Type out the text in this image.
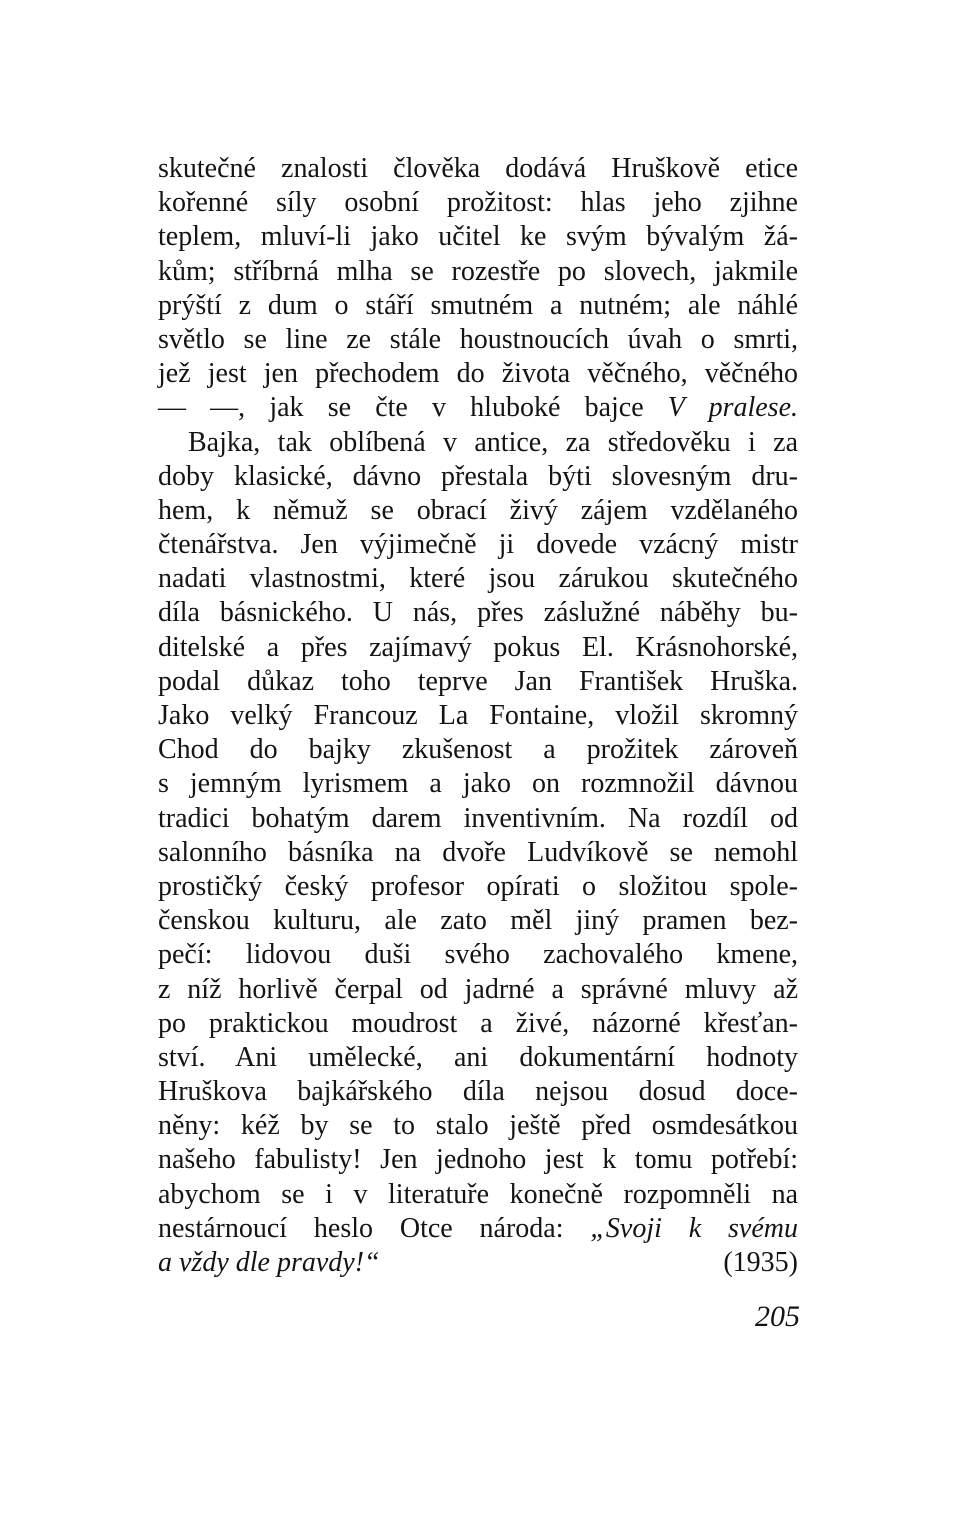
skutečné znalosti člověka dodává Hruškově etice
kořenné síly osobní prožitost: hlas jeho zjihne
teplem, mluví-li jako učitel ke svým bývalým žá-
kům; stříbrná mlha se rozestře po slovech, jakmile
prýští z dum o stáří smutném a nutném; ale náhlé
světlo se line ze stále houstnoucích úvah o smrti,
jež jest jen přechodem do života věčného, věčného
— —, jak se čte v hluboké bajce V pralese.
Bajka, tak oblíbená v antice, za středověku i za
doby klasické, dávno přestala býti slovesným dru-
hem, k němuž se obrací živý zájem vzdělaného
čtenářstva. Jen výjimečně ji dovede vzácný mistr
nadati vlastnostmi, které jsou zárukou skutečného
díla básnického. U nás, přes záslužné náběhy bu-
ditelské a přes zajímavý pokus El. Krásnohorské,
podal důkaz toho teprve Jan František Hruška.
Jako velký Francouz La Fontaine, vložil skromný
Chod do bajky zkušenost a prožitek zároveň
s jemným lyrismem a jako on rozmnožil dávnou
tradici bohatým darem inventivním. Na rozdíl od
salonního básníka na dvoře Ludvíkově se nemohl
prostičký český profesor opírati o složitou spole-
čenskou kulturu, ale zato měl jiný pramen bez-
pečí: lidovou duši svého zachovalého kmene,
z níž horlivě čerpal od jadrné a správné mluvy až
po praktickou moudrost a živé, názorné křesťan-
ství. Ani umělecké, ani dokumentární hodnoty
Hruškova bajkářského díla nejsou dosud doce-
něny: kéž by se to stalo ještě před osmdesátkou
našeho fabulisty! Jen jednoho jest k tomu potřebí:
abychom se i v literatuře konečně rozpomněli na
nestárnoucí heslo Otce národa: „Svoji k svému
a vždy dle pravdy!“	(1935)
205
